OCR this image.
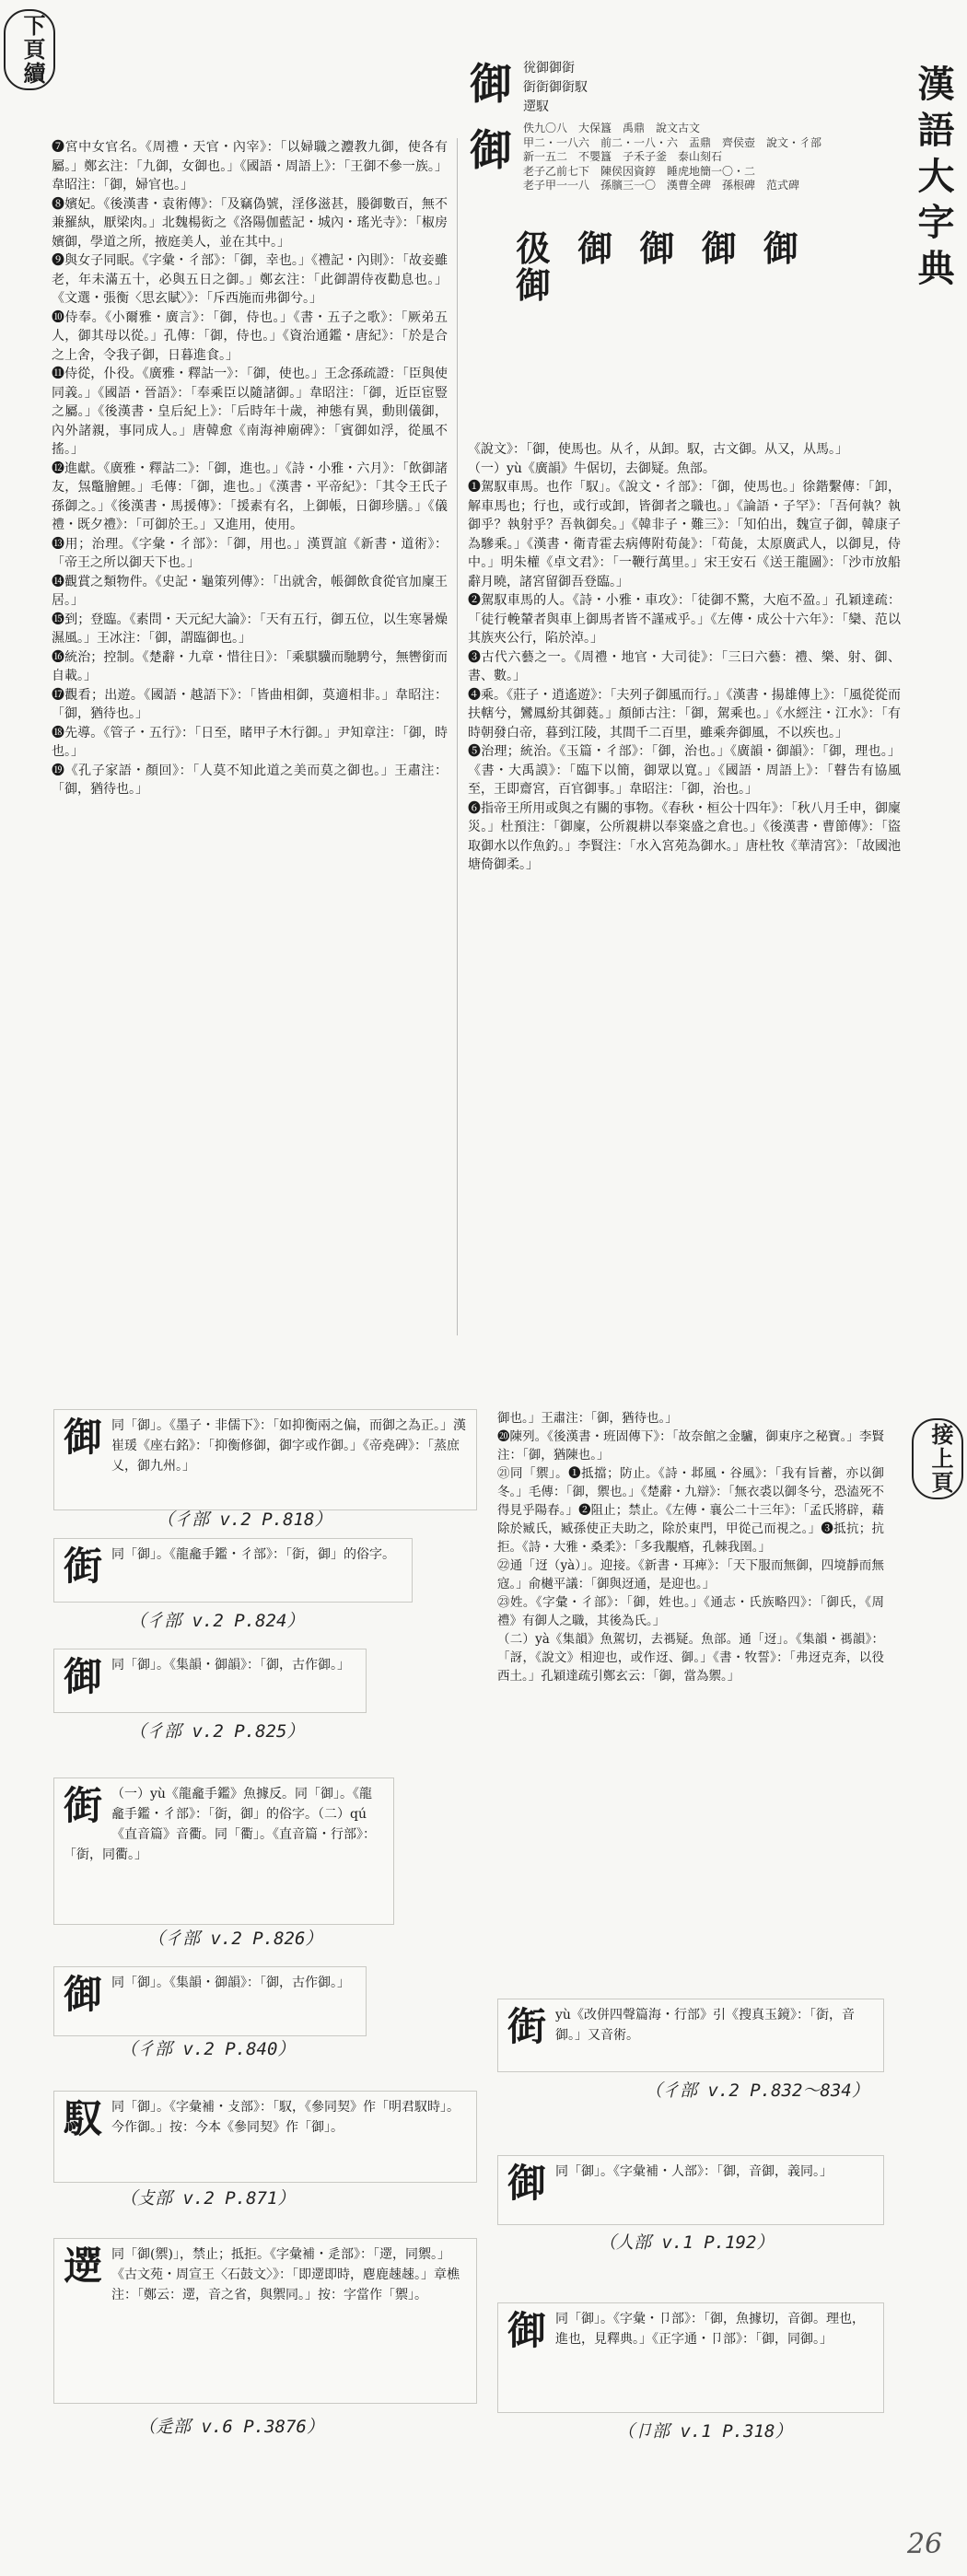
下頁續
漢語大字典
御
御
㣞御御衘
衘衘御衘馭
遻馭
佚九〇八　大保簋　禹鼎　說文古文
甲二・一八六　前二・一八・六　盂鼎　齊侯壺　說文・彳部
新一五二　不嬰簋　子禾子釜　泰山刻石
老子乙前七下　陳侯因資錞　睡虎地簡一〇・二
老子甲一一八　孫臏三一〇　漢曹全碑　孫根碑　范式碑
彶 御 御 御 御 御
❼宮中女官名。《周禮・天官・內宰》：「以婦職之灋教九御，使各有屬。」鄭玄注：「九御，女御也。」《國語・周語上》：「王御不參一族。」韋昭注：「御，婦官也。」
❽嬪妃。《後漢書・袁術傳》：「及竊偽號，淫侈滋甚，媵御數百，無不兼羅紈，厭梁肉。」北魏楊衒之《洛陽伽藍記・城內・瑤光寺》：「椒房嬪御，學道之所，掖庭美人，並在其中。」
❾與女子同眠。《字彙・彳部》：「御，幸也。」《禮記・內則》：「故妾雖老，年未滿五十，必與五日之御。」鄭玄注：「此御謂侍夜勸息也。」《文選・張衡〈思玄賦〉》：「斥西施而弗御兮。」
❿侍奉。《小爾雅・廣言》：「御，侍也。」《書・五子之歌》：「厥弟五人，御其母以從。」孔傳：「御，侍也。」《資治通鑑・唐紀》：「於是合之上舍，令我子御，日暮進食。」
⓫侍從，仆役。《廣雅・釋詁一》：「御，使也。」王念孫疏證：「臣與使同義。」《國語・晉語》：「奉乘臣以隨諸御。」韋昭注：「御，近臣宦豎之屬。」《後漢書・皇后紀上》：「后時年十歲，神態有異，動則儀御，內外諸親，事同成人。」唐韓愈《南海神廟碑》：「賓御如浮，從風不搖。」
⓬進獻。《廣雅・釋詁二》：「御，進也。」《詩・小雅・六月》：「飲御諸友，炰鼈膾鯉。」毛傳：「御，進也。」《漢書・平帝紀》：「其令王氏子孫御之。」《後漢書・馬援傳》：「援素有名，上御帳，日御珍膳。」《儀禮・既夕禮》：「可御於王。」又進用，使用。
⓭用；治理。《字彙・彳部》：「御，用也。」漢賈誼《新書・道術》：「帝王之所以御天下也。」
⓮觀賞之類物件。《史記・龜策列傳》：「出就舍，帳御飲食從官加廩王居。」
⓯到；登臨。《素問・天元紀大論》：「天有五行，御五位，以生寒暑燥濕風。」王冰注：「御，謂臨御也。」
⓰統治；控制。《楚辭・九章・惜往日》：「乘騏驥而馳騁兮，無轡銜而自載。」
⓱觀看；出遊。《國語・越語下》：「皆曲相御，莫適相非。」韋昭注：「御，猶待也。」
⓲先導。《管子・五行》：「日至，睹甲子木行御。」尹知章注：「御，時也。」
⓳《孔子家語・顏回》：「人莫不知此道之美而莫之御也。」王肅注：「御，猶待也。」
《說文》：「御，使馬也。从彳，从卸。馭，古文御。从又，从馬。」
（一）yù《廣韻》牛倨切，去御疑。魚部。
❶駕馭車馬。也作「馭」。《說文・彳部》：「御，使馬也。」徐鍇繫傳：「卸，解車馬也；行也，或行或卸，皆御者之職也。」《論語・子罕》：「吾何執？執御乎？執射乎？吾執御矣。」《韓非子・難三》：「知伯出，魏宣子御，韓康子為驂乘。」《漢書・衛青霍去病傳附荀彘》：「荀彘，太原廣武人，以御見，侍中。」明朱權《卓文君》：「一鞭行萬里。」宋王安石《送王龍圖》：「沙市放船辭月曉，諸宮留御吾登臨。」
❷駕馭車馬的人。《詩・小雅・車攻》：「徒御不驚，大庖不盈。」孔穎達疏：「徒行輓輦者與車上御馬者皆不謹戒乎。」《左傳・成公十六年》：「欒、范以其族夾公行，陷於淖。」
❸古代六藝之一。《周禮・地官・大司徒》：「三曰六藝：禮、樂、射、御、書、數。」
❹乘。《莊子・逍遙遊》：「夫列子御風而行。」《漢書・揚雄傳上》：「風從從而扶轄兮，鸞鳳紛其御蕤。」顏師古注：「御，駕乘也。」《水經注・江水》：「有時朝發白帝，暮到江陵，其間千二百里，雖乘奔御風，不以疾也。」
❺治理；統治。《玉篇・彳部》：「御，治也。」《廣韻・御韻》：「御，理也。」《書・大禹謨》：「臨下以簡，御眾以寬。」《國語・周語上》：「瞽告有協風至，王即齋宮，百官御事。」韋昭注：「御，治也。」
❻指帝王所用或與之有關的事物。《春秋・桓公十四年》：「秋八月壬申，御廩災。」杜預注：「御廩，公所親耕以奉粢盛之倉也。」《後漢書・曹節傳》：「盜取御水以作魚釣。」李賢注：「水入宮苑為御水。」唐杜牧《華清宮》：「故國池塘倚御柔。」
接上頁
御 同「御」。《墨子・非儒下》：「如抑衡兩之偏，而御之為正。」漢崔瑗《座右銘》：「抑衡修御，御字或作御。」《帝堯碑》：「蒸庶乂，御九州。」
（彳部 v.2 P.818）
衘 同「御」。《龍龕手鑑・彳部》：「衘，御」的俗字。
（彳部 v.2 P.824）
御 同「御」。《集韻・御韻》：「御，古作御。」
（彳部 v.2 P.825）
衘 （一）yù《龍龕手鑑》魚據反。同「御」。《龍龕手鑑・彳部》：「衘，御」的俗字。（二）qú《直音篇》音衢。同「衢」。《直音篇・行部》：「衘，同衢。」
（彳部 v.2 P.826）
御 同「御」。《集韻・御韻》：「御，古作御。」
（彳部 v.2 P.840）
馭 同「御」。《字彙補・攴部》：「馭，《參同契》作「明君馭時」。今作御。」按：今本《參同契》作「御」。
（攴部 v.2 P.871）
遻 同「御(禦)」，禁止；抵拒。《字彙補・辵部》：「遻，同禦。」《古文苑・周宣王〈石鼓文〉》：「即遻即時，麀鹿趚趚。」章樵注：「鄭云：遻，音之省，與禦同。」按：字當作「禦」。
（辵部 v.6 P.3876）
御也。」王肅注：「御，猶待也。」
⓴陳列。《後漢書・班固傳下》：「故奈館之金驢，御東序之秘寶。」李賢注：「御，猶陳也。」
㉑同「禦」。❶抵擋；防止。《詩・邶風・谷風》：「我有旨蓄，亦以御冬。」毛傳：「御，禦也。」《楚辭・九辯》：「無衣裘以御冬兮，恐溘死不得見乎陽春。」❷阻止；禁止。《左傳・襄公二十三年》：「孟氏將辟，藉除於臧氏，臧孫使正夫助之，除於東門，甲從己而視之。」❸抵抗；抗拒。《詩・大雅・桑柔》：「多我覯痻，孔棘我圉。」
㉒通「迓（yà）」。迎接。《新書・耳痺》：「天下服而無御，四境靜而無寇。」俞樾平議：「御與迓通，是迎也。」
㉓姓。《字彙・彳部》：「御，姓也。」《通志・氏族略四》：「御氏，《周禮》有御人之職，其後為氏。」
（二）yà《集韻》魚駕切，去禡疑。魚部。通「迓」。《集韻・禡韻》：「訝，《說文》相迎也，或作迓、御。」《書・牧誓》：「弗迓克奔，以役西土。」孔穎達疏引鄭玄云：「御，當為禦。」
衘 yù《改併四聲篇海・行部》引《搜真玉鏡》：「衘，音御。」又音術。
（彳部 v.2 P.832～834）
御 同「御」。《字彙補・人部》：「御，音御，義同。」
（人部 v.1 P.192）
御 同「御」。《字彙・卩部》：「御，魚據切，音御。理也，進也，見釋典。」《正字通・卩部》：「御，同御。」
（卩部 v.1 P.318）
26
